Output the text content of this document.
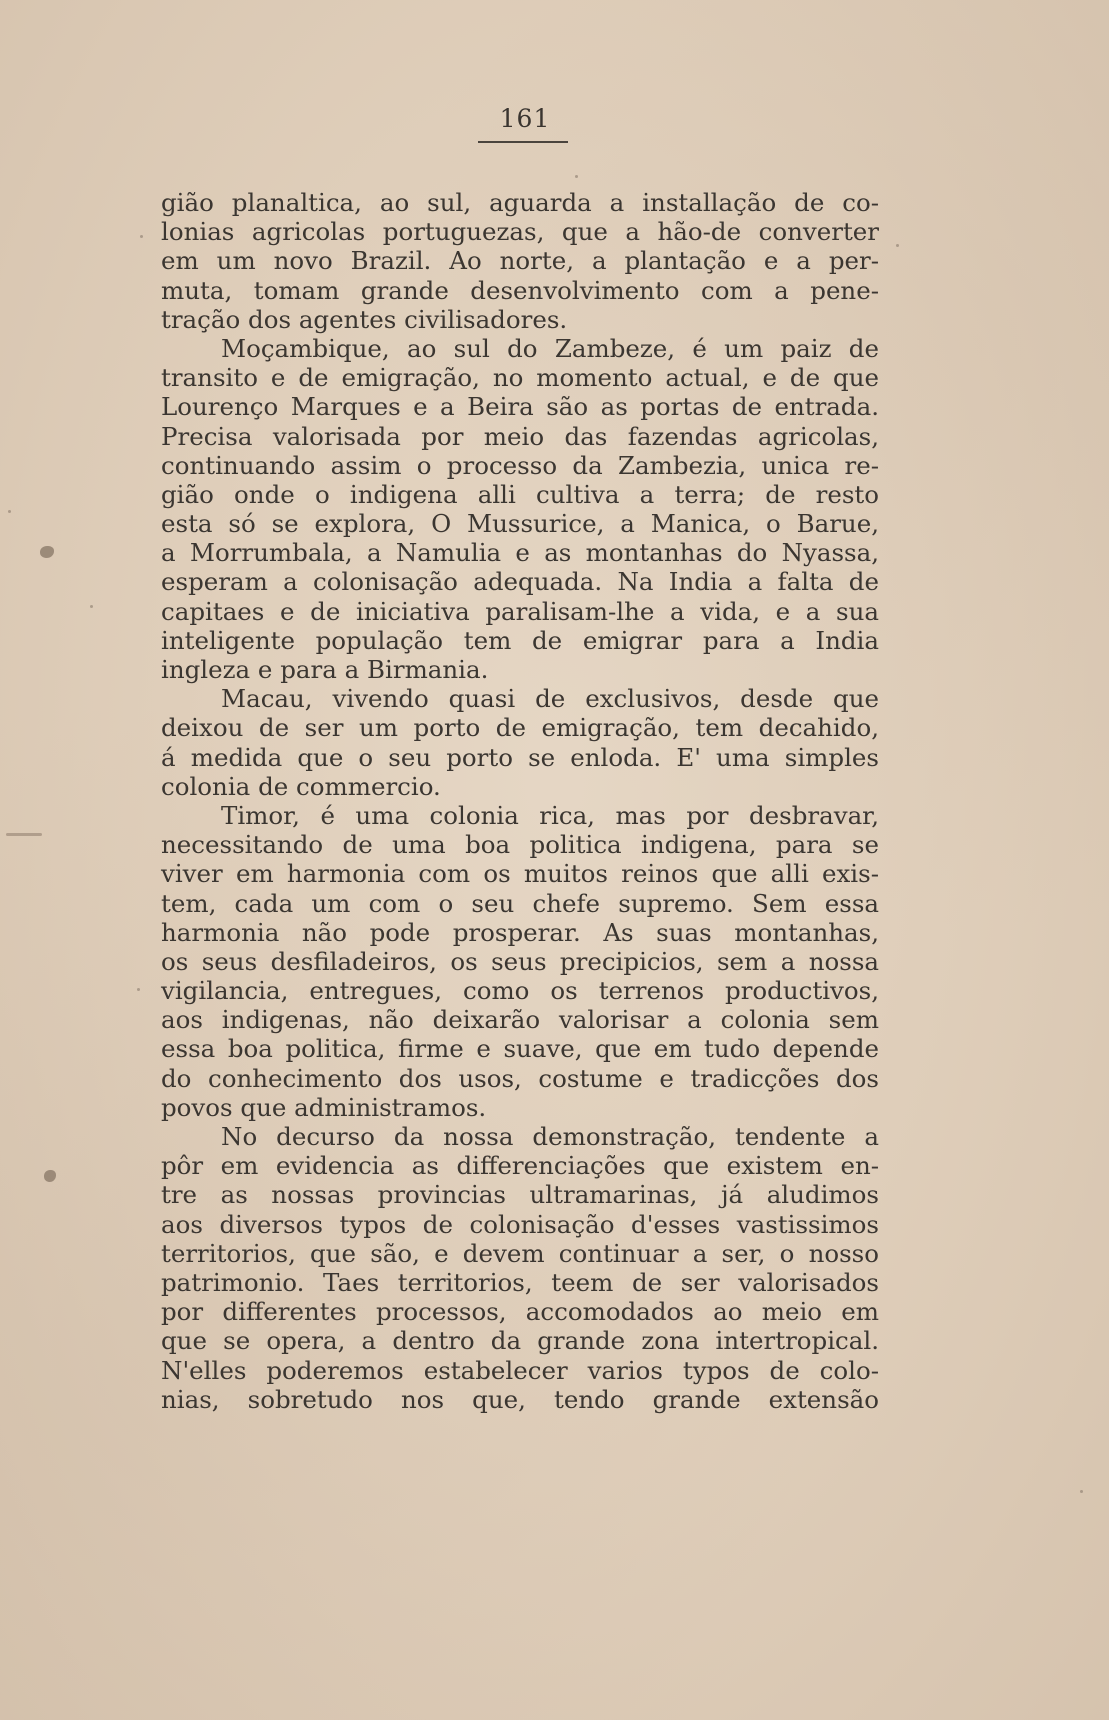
161
gião planaltica, ao sul, aguarda a installação de co-
lonias agricolas portuguezas, que a hão-de converter
em um novo Brazil. Ao norte, a plantação e a per-
muta, tomam grande desenvolvimento com a pene-
tração dos agentes civilisadores.
Moçambique, ao sul do Zambeze, é um paiz de
transito e de emigração, no momento actual, e de que
Lourenço Marques e a Beira são as portas de entrada.
Precisa valorisada por meio das fazendas agricolas,
continuando assim o processo da Zambezia, unica re-
gião onde o indigena alli cultiva a terra; de resto
esta só se explora, O Mussurice, a Manica, o Barue,
a Morrumbala, a Namulia e as montanhas do Nyassa,
esperam a colonisação adequada. Na India a falta de
capitaes e de iniciativa paralisam-lhe a vida, e a sua
inteligente população tem de emigrar para a India
ingleza e para a Birmania.
Macau, vivendo quasi de exclusivos, desde que
deixou de ser um porto de emigração, tem decahido,
á medida que o seu porto se enloda. E' uma simples
colonia de commercio.
Timor, é uma colonia rica, mas por desbravar,
necessitando de uma boa politica indigena, para se
viver em harmonia com os muitos reinos que alli exis-
tem, cada um com o seu chefe supremo. Sem essa
harmonia não pode prosperar. As suas montanhas,
os seus desfiladeiros, os seus precipicios, sem a nossa
vigilancia, entregues, como os terrenos productivos,
aos indigenas, não deixarão valorisar a colonia sem
essa boa politica, firme e suave, que em tudo depende
do conhecimento dos usos, costume e tradicções dos
povos que administramos.
No decurso da nossa demonstração, tendente a
pôr em evidencia as differenciações que existem en-
tre as nossas provincias ultramarinas, já aludimos
aos diversos typos de colonisação d'esses vastissimos
territorios, que são, e devem continuar a ser, o nosso
patrimonio. Taes territorios, teem de ser valorisados
por differentes processos, accomodados ao meio em
que se opera, a dentro da grande zona intertropical.
N'elles poderemos estabelecer varios typos de colo-
nias, sobretudo nos que, tendo grande extensão
